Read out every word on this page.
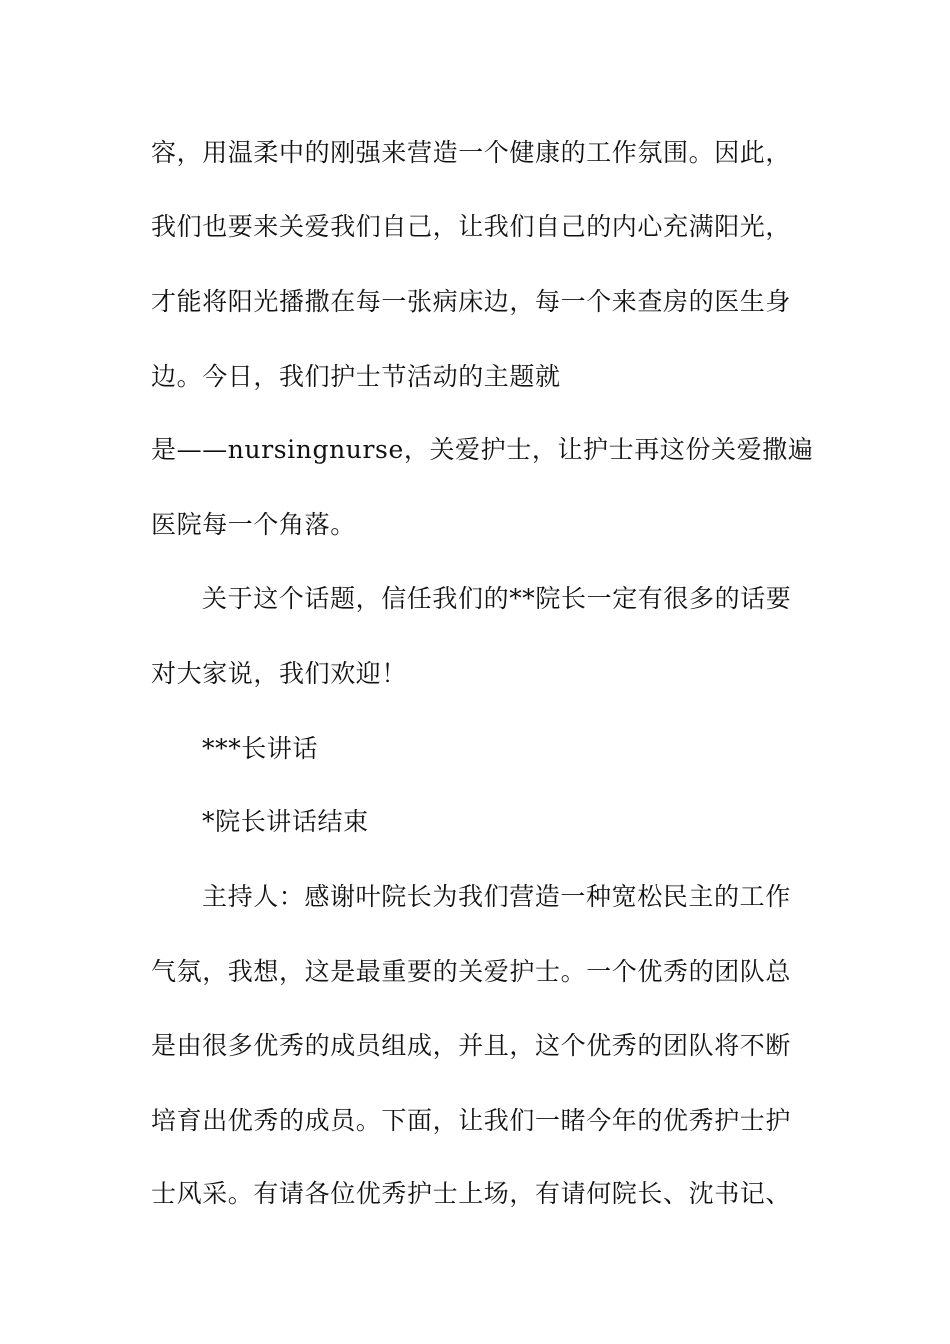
容，用温柔中的刚强来营造一个健康的工作氛围。因此，
我们也要来关爱我们自己，让我们自己的内心充满阳光，
才能将阳光播撒在每一张病床边，每一个来查房的医生身
边。今日，我们护士节活动的主题就
是——nursingnurse，关爱护士，让护士再这份关爱撒遍
医院每一个角落。
关于这个话题，信任我们的**院长一定有很多的话要
对大家说，我们欢迎！
***长讲话
*院长讲话结束
主持人：感谢叶院长为我们营造一种宽松民主的工作
气氛，我想，这是最重要的关爱护士。一个优秀的团队总
是由很多优秀的成员组成，并且，这个优秀的团队将不断
培育出优秀的成员。下面，让我们一睹今年的优秀护士护
士风采。有请各位优秀护士上场，有请何院长、沈书记、
